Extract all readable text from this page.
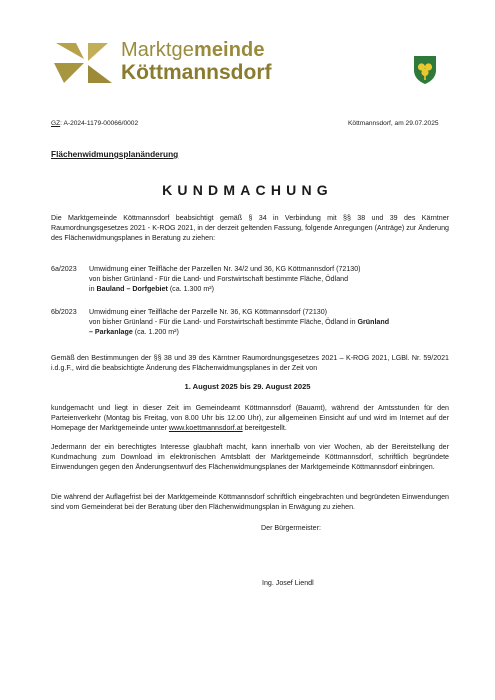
Marktgemeinde
Köttmannsdorf
GZ: A-2024-1179-00066/0002	Köttmannsdorf, am 29.07.2025
Flächenwidmungsplanänderung
KUNDMACHUNG
Die Marktgemeinde Köttmannsdorf beabsichtigt gemäß § 34 in Verbindung mit §§ 38 und 39 des Kärntner Raumordnungsgesetzes 2021 - K-ROG 2021, in der derzeit geltenden Fassung, folgende Anregungen (Anträge) zur Änderung des Flächenwidmungsplanes in Beratung zu ziehen:
6a/2023 Umwidmung einer Teilfläche der Parzellen Nr. 34/2 und 36, KG Köttmannsdorf (72130)
von bisher Grünland - Für die Land- und Forstwirtschaft bestimmte Fläche, Ödland
in Bauland – Dorfgebiet (ca. 1.300 m²)
6b/2023 Umwidmung einer Teilfläche der Parzelle Nr. 36, KG Köttmannsdorf (72130)
von bisher Grünland - Für die Land- und Forstwirtschaft bestimmte Fläche, Ödland in Grünland
– Parkanlage (ca. 1.200 m²)
Gemäß den Bestimmungen der §§ 38 und 39 des Kärntner Raumordnungsgesetzes 2021 – K-ROG 2021, LGBl. Nr. 59/2021 i.d.g.F., wird die beabsichtigte Änderung des Flächenwidmungsplanes in der Zeit von
1. August 2025 bis 29. August 2025
kundgemacht und liegt in dieser Zeit im Gemeindeamt Köttmannsdorf (Bauamt), während der Amtsstunden für den Parteienverkehr (Montag bis Freitag, von 8.00 Uhr bis 12.00 Uhr), zur allgemeinen Einsicht auf und wird im Internet auf der Homepage der Marktgemeinde unter www.koettmannsdorf.at bereitgestellt.
Jedermann der ein berechtigtes Interesse glaubhaft macht, kann innerhalb von vier Wochen, ab der Bereitstellung der Kundmachung zum Download im elektronischen Amtsblatt der Marktgemeinde Köttmannsdorf, schriftlich begründete Einwendungen gegen den Änderungsentwurf des Flächenwidmungsplanes der Marktgemeinde Köttmannsdorf einbringen.
Die während der Auflagefrist bei der Marktgemeinde Köttmannsdorf schriftlich eingebrachten und begründeten Einwendungen sind vom Gemeinderat bei der Beratung über den Flächenwidmungsplan in Erwägung zu ziehen.
Der Bürgermeister:
Ing. Josef Liendl
